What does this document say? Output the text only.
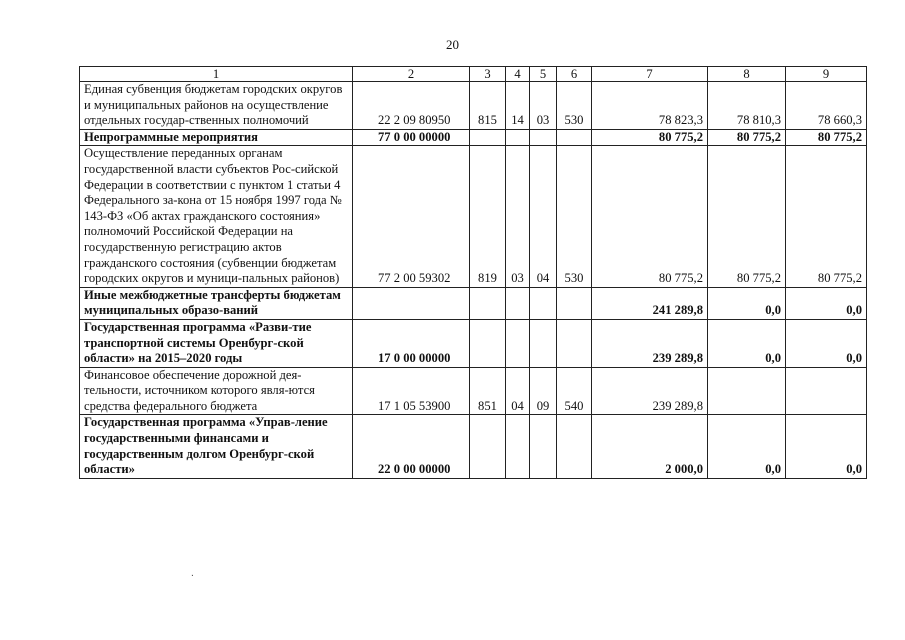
20
1	2	3	4	5	6	7	8	9
Единая субвенция бюджетам городских округов и муниципальных районов на осуществление отдельных государ-ственных полномочий	22 2 09 80950	815	14	03	530	78 823,3	78 810,3	78 660,3
Непрограммные мероприятия	77 0 00 00000					80 775,2	80 775,2	80 775,2
Осуществление переданных органам государственной власти субъектов Рос-сийской Федерации в соответствии с пунктом 1 статьи 4 Федерального за-кона от 15 ноября 1997 года № 143-ФЗ «Об актах гражданского состояния» полномочий Российской Федерации на государственную регистрацию актов гражданского состояния (субвенции бюджетам городских округов и муници-пальных районов)	77 2 00 59302	819	03	04	530	80 775,2	80 775,2	80 775,2
Иные межбюджетные трансферты бюджетам муниципальных образо-ваний						241 289,8	0,0	0,0
Государственная программа «Разви-тие транспортной системы Оренбург-ской области» на 2015–2020 годы	17 0 00 00000					239 289,8	0,0	0,0
Финансовое обеспечение дорожной дея-тельности, источником которого явля-ются средства федерального бюджета	17 1 05 53900	851	04	09	540	239 289,8		
Государственная программа «Управ-ление государственными финансами и государственным долгом Оренбург-ской области»	22 0 00 00000					2 000,0	0,0	0,0
ˑ
